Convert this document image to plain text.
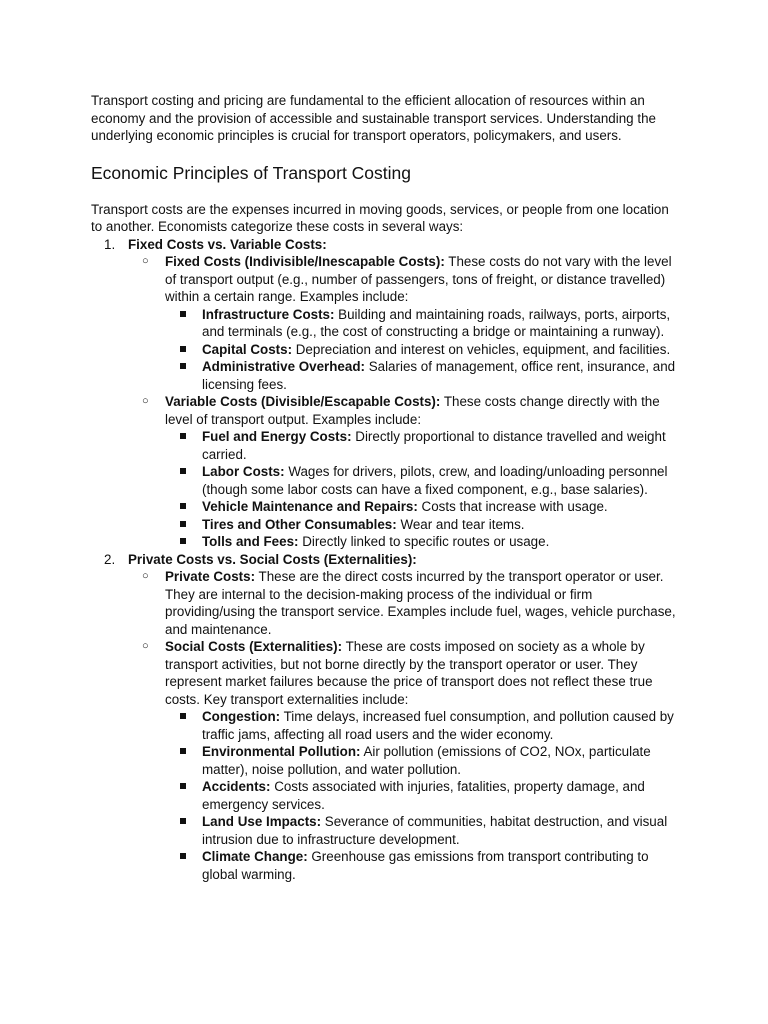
Transport costing and pricing are fundamental to the efficient allocation of resources within an economy and the provision of accessible and sustainable transport services. Understanding the underlying economic principles is crucial for transport operators, policymakers, and users.

Economic Principles of Transport Costing

Transport costs are the expenses incurred in moving goods, services, or people from one location to another. Economists categorize these costs in several ways:

1. Fixed Costs vs. Variable Costs:
○ Fixed Costs (Indivisible/Inescapable Costs): These costs do not vary with the level of transport output (e.g., number of passengers, tons of freight, or distance travelled) within a certain range. Examples include:
Infrastructure Costs: Building and maintaining roads, railways, ports, airports, and terminals (e.g., the cost of constructing a bridge or maintaining a runway).
Capital Costs: Depreciation and interest on vehicles, equipment, and facilities.
Administrative Overhead: Salaries of management, office rent, insurance, and licensing fees.
○ Variable Costs (Divisible/Escapable Costs): These costs change directly with the level of transport output. Examples include:
Fuel and Energy Costs: Directly proportional to distance travelled and weight carried.
Labor Costs: Wages for drivers, pilots, crew, and loading/unloading personnel (though some labor costs can have a fixed component, e.g., base salaries).
Vehicle Maintenance and Repairs: Costs that increase with usage.
Tires and Other Consumables: Wear and tear items.
Tolls and Fees: Directly linked to specific routes or usage.
2. Private Costs vs. Social Costs (Externalities):
○ Private Costs: These are the direct costs incurred by the transport operator or user. They are internal to the decision-making process of the individual or firm providing/using the transport service. Examples include fuel, wages, vehicle purchase, and maintenance.
○ Social Costs (Externalities): These are costs imposed on society as a whole by transport activities, but not borne directly by the transport operator or user. They represent market failures because the price of transport does not reflect these true costs. Key transport externalities include:
Congestion: Time delays, increased fuel consumption, and pollution caused by traffic jams, affecting all road users and the wider economy.
Environmental Pollution: Air pollution (emissions of CO2, NOx, particulate matter), noise pollution, and water pollution.
Accidents: Costs associated with injuries, fatalities, property damage, and emergency services.
Land Use Impacts: Severance of communities, habitat destruction, and visual intrusion due to infrastructure development.
Climate Change: Greenhouse gas emissions from transport contributing to global warming.
